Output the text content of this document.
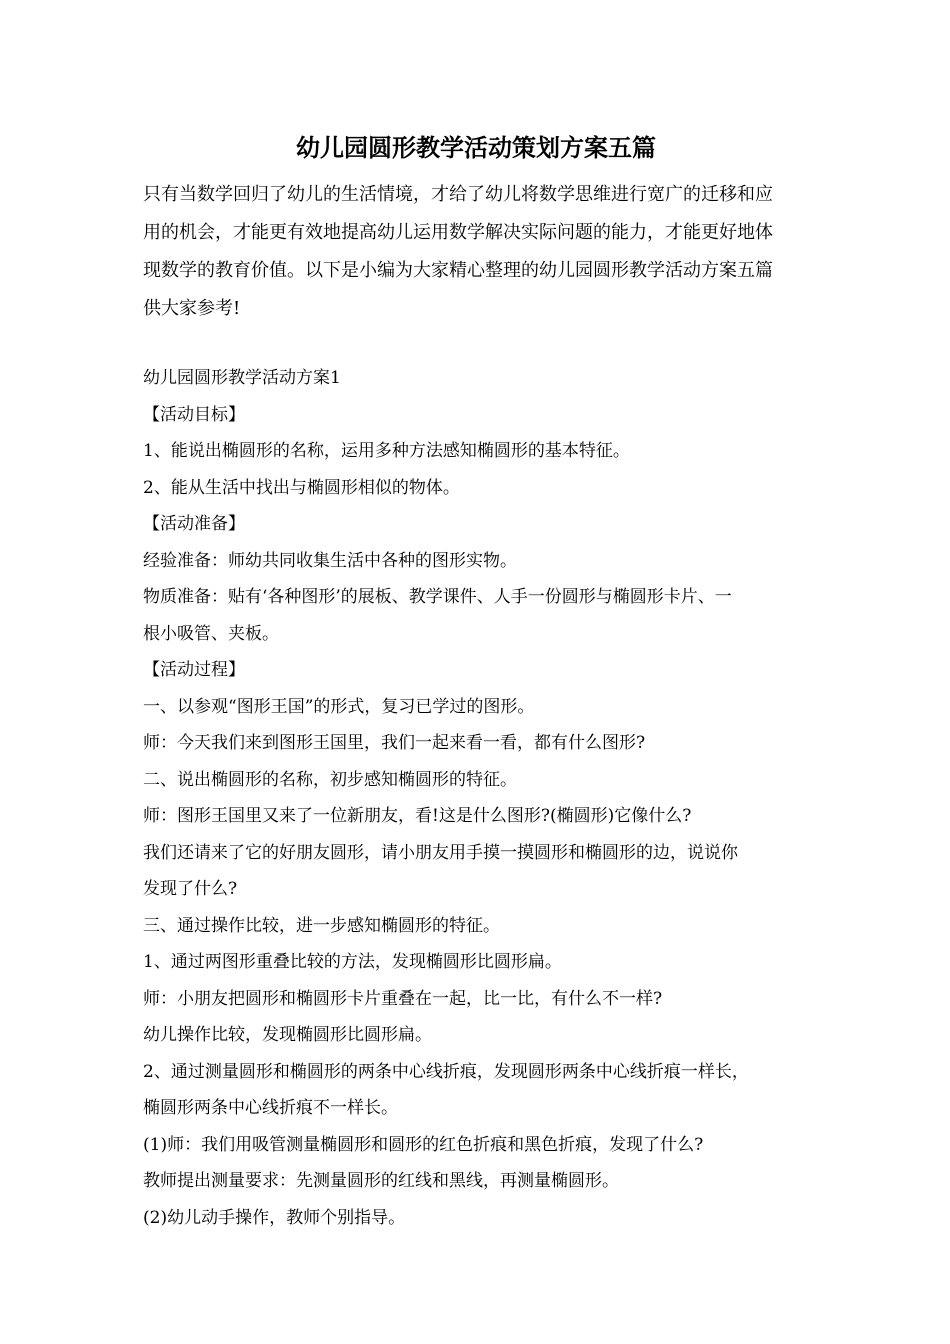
幼儿园圆形教学活动策划方案五篇

只有当数学回归了幼儿的生活情境，才给了幼儿将数学思维进行宽广的迁移和应

用的机会，才能更有效地提高幼儿运用数学解决实际问题的能力，才能更好地体

现数学的教育价值。以下是小编为大家精心整理的幼儿园圆形教学活动方案五篇

供大家参考!

幼儿园圆形教学活动方案1

【活动目标】

1、能说出椭圆形的名称，运用多种方法感知椭圆形的基本特征。

2、能从生活中找出与椭圆形相似的物体。

【活动准备】

经验准备：师幼共同收集生活中各种的图形实物。

物质准备：贴有‘各种图形’的展板、教学课件、人手一份圆形与椭圆形卡片、一

根小吸管、夹板。

【活动过程】

一、以参观“图形王国”的形式，复习已学过的图形。

师：今天我们来到图形王国里，我们一起来看一看，都有什么图形?

二、说出椭圆形的名称，初步感知椭圆形的特征。

师：图形王国里又来了一位新朋友，看!这是什么图形?(椭圆形)它像什么?

我们还请来了它的好朋友圆形，请小朋友用手摸一摸圆形和椭圆形的边，说说你

发现了什么?

三、通过操作比较，进一步感知椭圆形的特征。

1、通过两图形重叠比较的方法，发现椭圆形比圆形扁。

师：小朋友把圆形和椭圆形卡片重叠在一起，比一比，有什么不一样?

幼儿操作比较，发现椭圆形比圆形扁。

2、通过测量圆形和椭圆形的两条中心线折痕，发现圆形两条中心线折痕一样长，

椭圆形两条中心线折痕不一样长。

(1)师：我们用吸管测量椭圆形和圆形的红色折痕和黑色折痕，发现了什么?

教师提出测量要求：先测量圆形的红线和黑线，再测量椭圆形。

(2)幼儿动手操作，教师个别指导。
